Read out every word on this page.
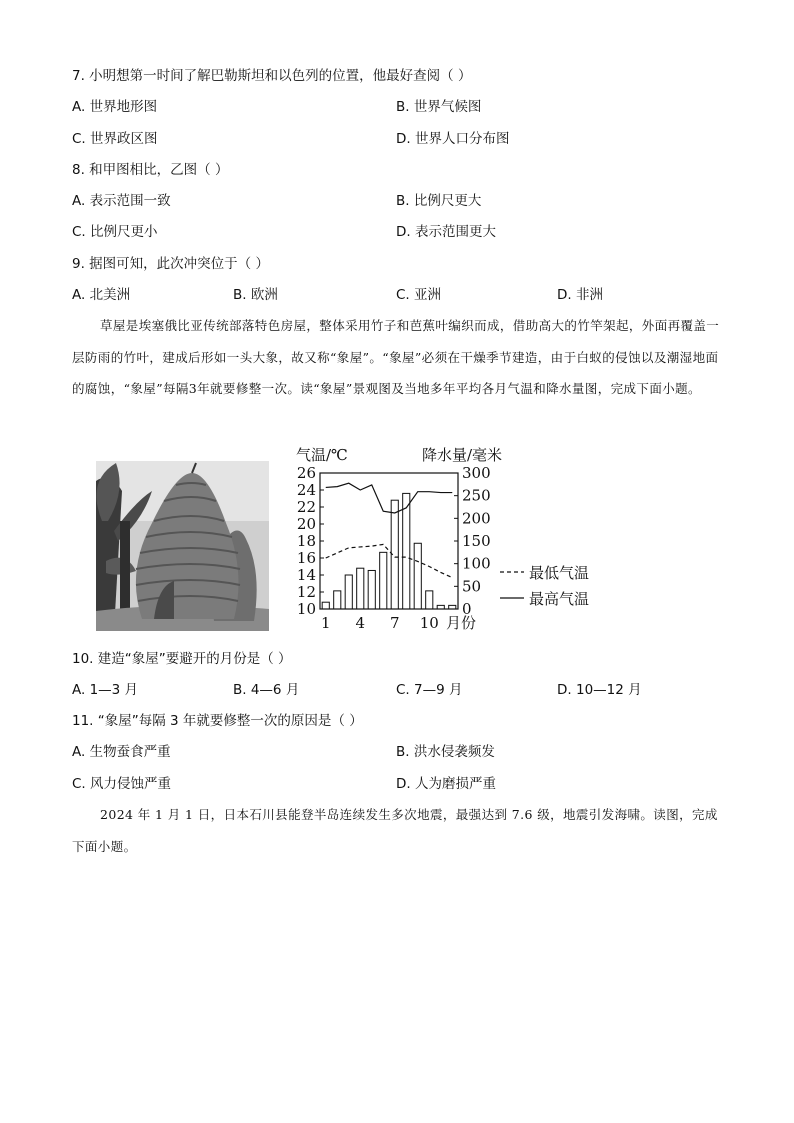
7. 小明想第一时间了解巴勒斯坦和以色列的位置，他最好查阅（ ）
A. 世界地形图	B. 世界气候图
C. 世界政区图	D. 世界人口分布图
8. 和甲图相比，乙图（ ）
A. 表示范围一致	B. 比例尺更大
C. 比例尺更小	D. 表示范围更大
9. 据图可知，此次冲突位于（ ）
A. 北美洲	B. 欧洲	C. 亚洲	D. 非洲
草屋是埃塞俄比亚传统部落特色房屋，整体采用竹子和芭蕉叶编织而成，借助高大的竹竿架起，外面再覆盖一层防雨的竹叶，建成后形如一头大象，故又称“象屋”。“象屋”必须在干燥季节建造，由于白蚁的侵蚀以及潮湿地面的腐蚀，“象屋”每隔3年就要修整一次。读“象屋”景观图及当地多年平均各月气温和降水量图，完成下面小题。
气温/℃	降水量/毫米
10
12
14
16
18
20
22
24
26
0
50
100
150
200
250
300
1 4 7 10 月份
最低气温
最高气温
10. 建造“象屋”要避开的月份是（ ）
A. 1—3 月	B. 4—6 月	C. 7—9 月	D. 10—12 月
11. “象屋”每隔 3 年就要修整一次的原因是（ ）
A. 生物蚕食严重	B. 洪水侵袭频发
C. 风力侵蚀严重	D. 人为磨损严重
2024 年 1 月 1 日，日本石川县能登半岛连续发生多次地震，最强达到 7.6 级，地震引发海啸。读图，完成下面小题。
